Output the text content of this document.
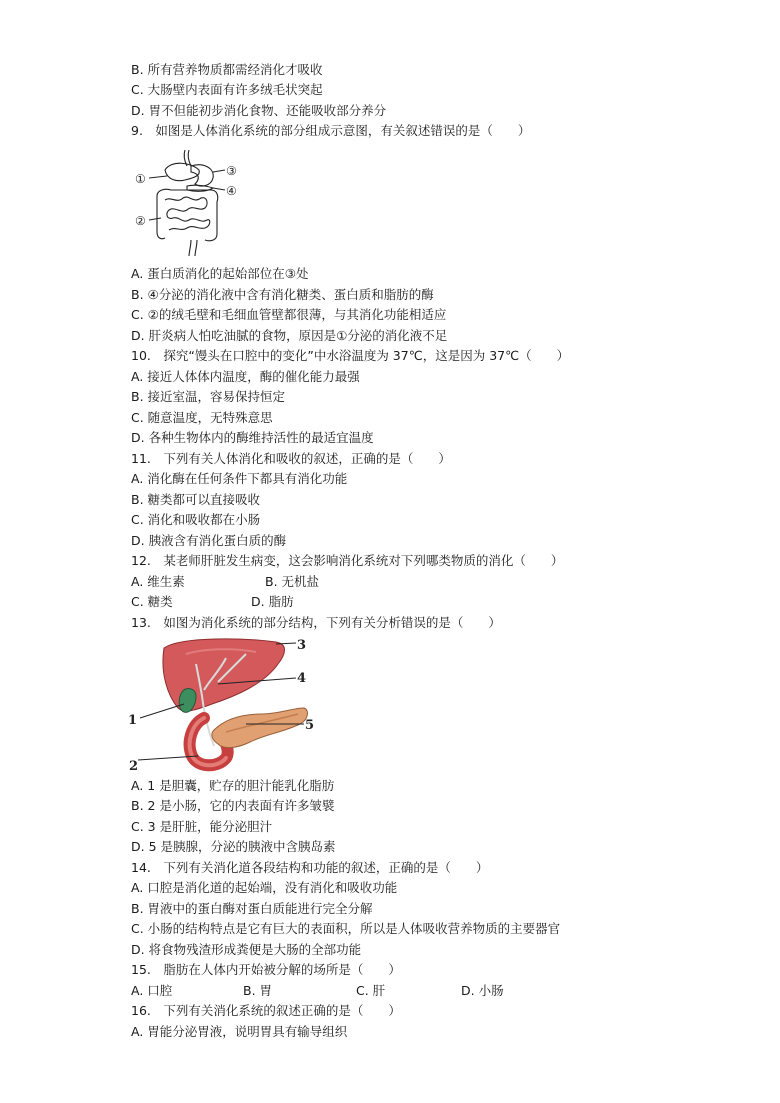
B. 所有营养物质都需经消化才吸收
C. 大肠壁内表面有许多绒毛状突起
D. 胃不但能初步消化食物、还能吸收部分养分
9.　如图是人体消化系统的部分组成示意图，有关叙述错误的是（　　）
①
②
③
④
A. 蛋白质消化的起始部位在③处
B. ④分泌的消化液中含有消化糖类、蛋白质和脂肪的酶
C. ②的绒毛壁和毛细血管壁都很薄，与其消化功能相适应
D. 肝炎病人怕吃油腻的食物，原因是①分泌的消化液不足
10.　探究“馒头在口腔中的变化”中水浴温度为 37℃，这是因为 37℃（　　）
A. 接近人体体内温度，酶的催化能力最强
B. 接近室温，容易保持恒定
C. 随意温度，无特殊意思
D. 各种生物体内的酶维持活性的最适宜温度
11.　下列有关人体消化和吸收的叙述，正确的是（　　）
A. 消化酶在任何条件下都具有消化功能
B. 糖类都可以直接吸收
C. 消化和吸收都在小肠
D. 胰液含有消化蛋白质的酶
12.　某老师肝脏发生病变，这会影响消化系统对下列哪类物质的消化（　　）
A. 维生素	B. 无机盐
C. 糖类	D. 脂肪
13.　如图为消化系统的部分结构，下列有关分析错误的是（　　）
3
4
1	5
2
A. 1 是胆囊，贮存的胆汁能乳化脂肪
B. 2 是小肠，它的内表面有许多皱襞
C. 3 是肝脏，能分泌胆汁
D. 5 是胰腺，分泌的胰液中含胰岛素
14.　下列有关消化道各段结构和功能的叙述，正确的是（　　）
A. 口腔是消化道的起始端，没有消化和吸收功能
B. 胃液中的蛋白酶对蛋白质能进行完全分解
C. 小肠的结构特点是它有巨大的表面积，所以是人体吸收营养物质的主要器官
D. 将食物残渣形成粪便是大肠的全部功能
15.　脂肪在人体内开始被分解的场所是（　　）
A. 口腔	B. 胃	C. 肝	D. 小肠
16.　下列有关消化系统的叙述正确的是（　　）
A. 胃能分泌胃液，说明胃具有输导组织
